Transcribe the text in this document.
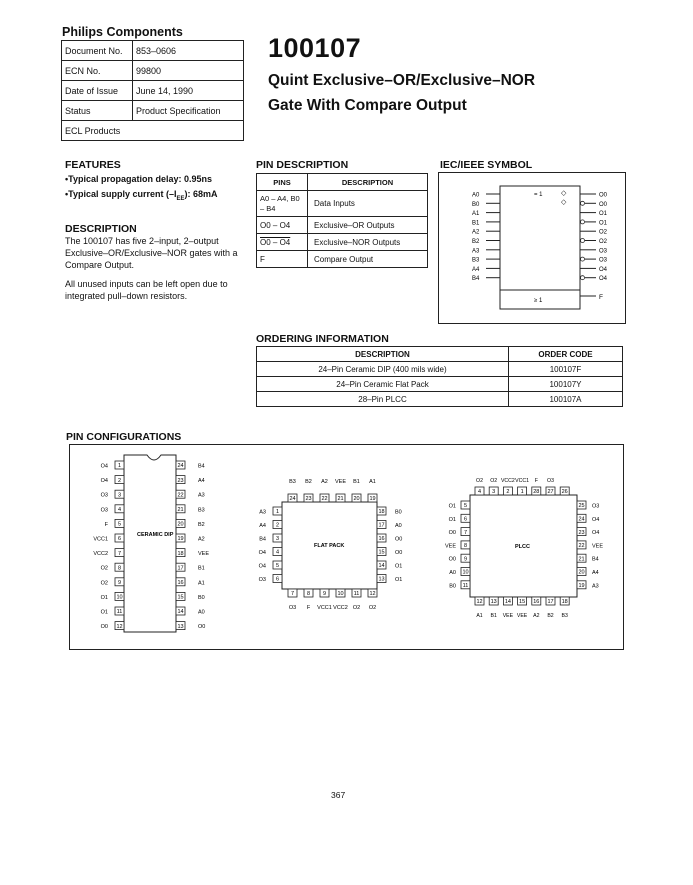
Philips Components
Document No.	853–0606
ECN No.	99800
Date of Issue	June 14, 1990
Status	Product Specification
ECL Products	
100107
Quint Exclusive–OR/Exclusive–NOR Gate With Compare Output
FEATURES
•Typical propagation delay: 0.95ns
•Typical supply current $(-I_{EE})$: 68mA
DESCRIPTION
The 100107 has five 2–input, 2–output Exclusive–OR/Exclusive–NOR gates with a Compare Output.
All unused inputs can be left open due to integrated pull–down resistors.
PIN DESCRIPTION
PINS	DESCRIPTION
A0 – A4, B0 – B4	Data Inputs
O0 – O4	Exclusive–OR Outputs
O0 – O4	Exclusive–NOR Outputs
F	Compare Output
IEC/IEEE SYMBOL
= 1
≥ 1
◇
◇
A0
B0
A1
B1
A2
B2
A3
B3
A4
B4
O0
O0
O1
O1
O2
O2
O3
O3
O4
O4
F
ORDERING INFORMATION
DESCRIPTION	ORDER CODE
24–Pin Ceramic DIP (400 mils wide)	100107F
24–Pin Ceramic Flat Pack	100107Y
28–Pin PLCC	100107A
PIN CONFIGURATIONS
CERAMIC DIP
1
O4
2
O4
3
O3
4
O3
5
F
6
VCC1
7
VCC2
8
O2
9
O2
10
O1
11
O1
12
O0
24	B4
23	A4
22	A3
21	B3
20	B2
19	A2
18	VEE
17	B1
16	A1
15	B0
14	A0
13	O0
FLAT PACK
24
B3
23
B2
22
A2
21
VEE
20
B1
19
A1
1
A3
2
A4
3
B4
4
O4
5
O4
6
O3
18 B0
17 A0
16 O0
15 O0
14 O1
13 O1
7
O3
8
F
9
VCC1
10
VCC2
11
O2
12
O2
PLCC
4
O2
3
O2
2
VCC2
1
VCC1
28
F
27
O3
26
5
O1
6
O1
7
O0
8
VEE
9
O0
10
A0
11
B0
25 O3
24 O4
23 O4
22 VEE
21 B4
20 A4
19 A3
12
A1
13
B1
14
VEE
15
VEE
16
A2
17
B2
18
B3
367
